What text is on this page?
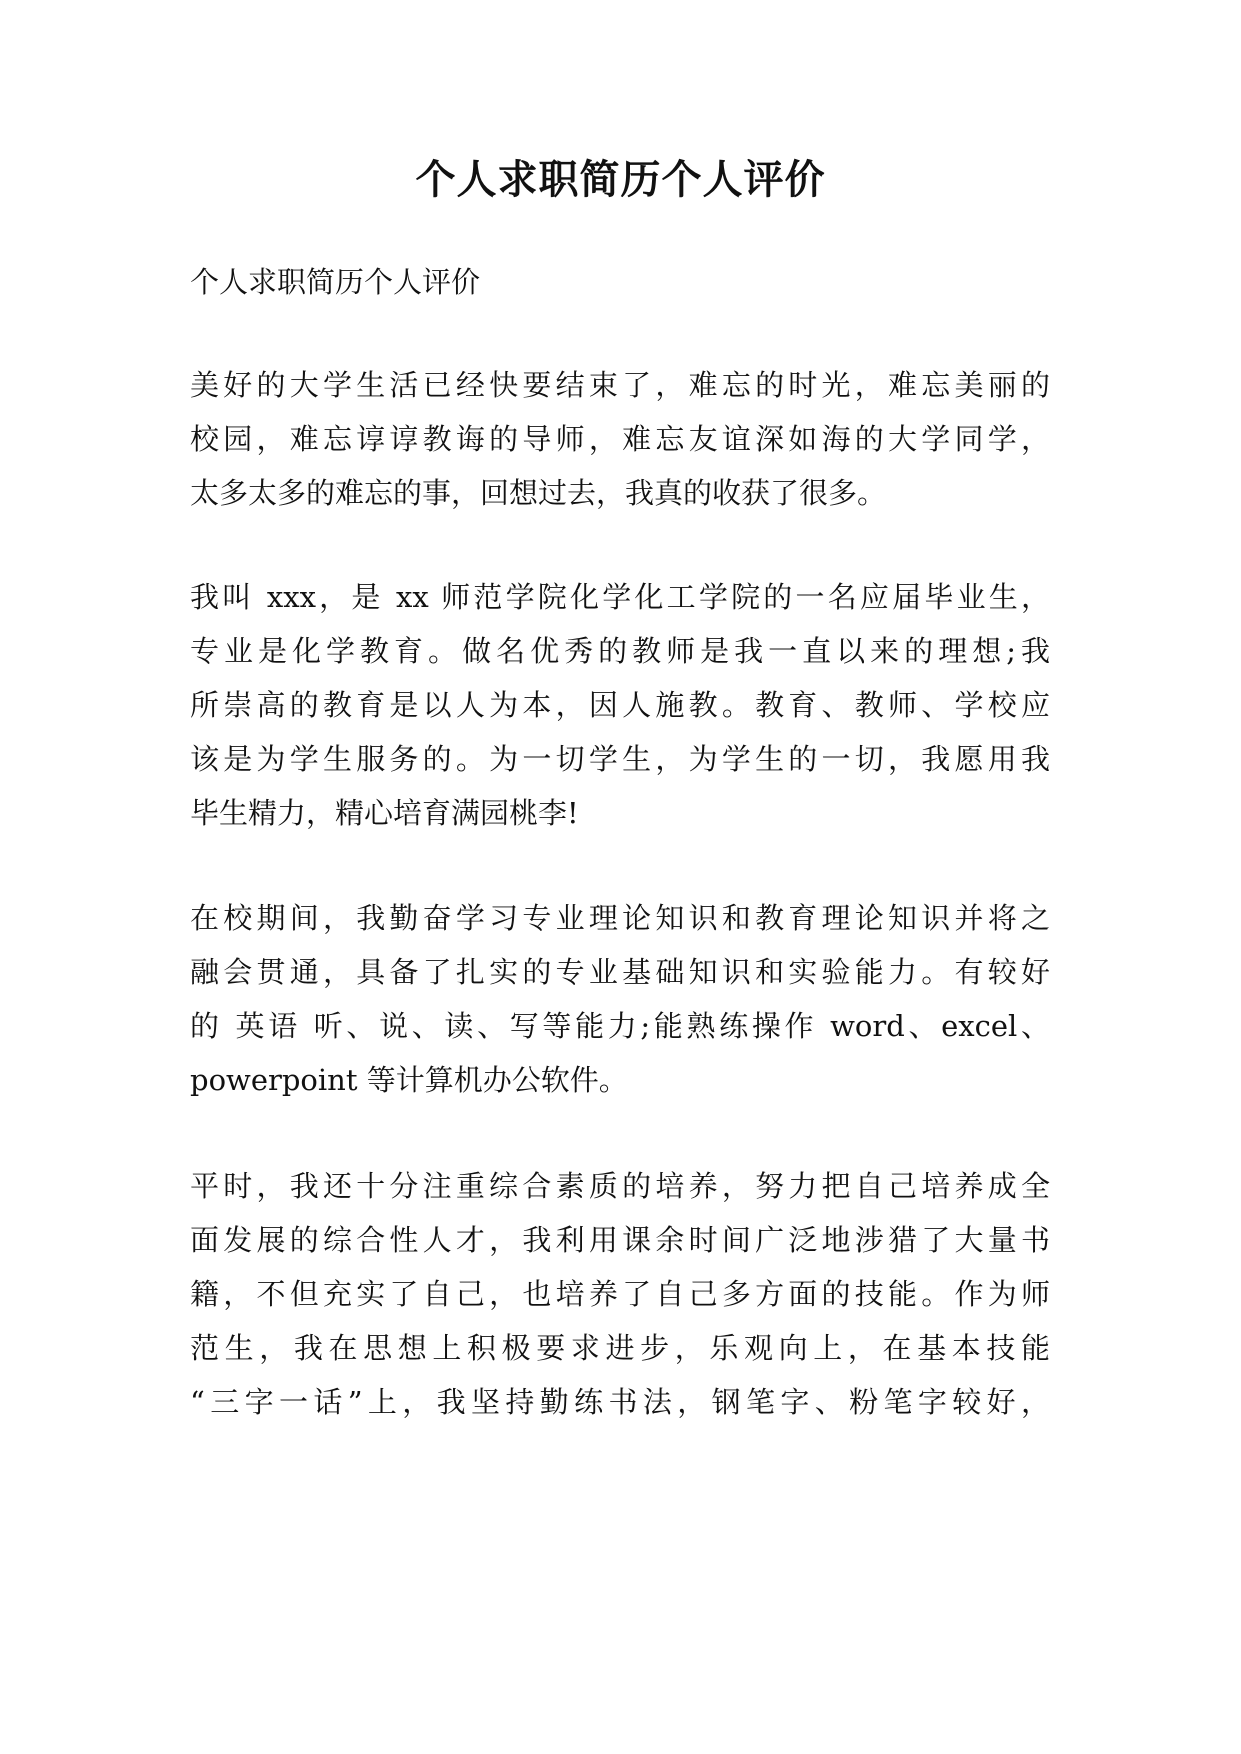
个人求职简历个人评价

个人求职简历个人评价

美好的大学生活已经快要结束了，难忘的时光，难忘美丽的

校园，难忘谆谆教诲的导师，难忘友谊深如海的大学同学，

太多太多的难忘的事，回想过去，我真的收获了很多。

我叫 xxx，是 xx 师范学院化学化工学院的一名应届毕业生，

专业是化学教育。做名优秀的教师是我一直以来的理想;我

所崇高的教育是以人为本，因人施教。教育、教师、学校应

该是为学生服务的。为一切学生，为学生的一切，我愿用我

毕生精力，精心培育满园桃李!

在校期间，我勤奋学习专业理论知识和教育理论知识并将之

融会贯通，具备了扎实的专业基础知识和实验能力。有较好

的 英语 听、说、读、写等能力;能熟练操作 word、excel、

powerpoint 等计算机办公软件。

平时，我还十分注重综合素质的培养，努力把自己培养成全

面发展的综合性人才，我利用课余时间广泛地涉猎了大量书

籍，不但充实了自己，也培养了自己多方面的技能。作为师

范生，我在思想上积极要求进步，乐观向上，在基本技能

“三字一话”上，我坚持勤练书法，钢笔字、粉笔字较好，
